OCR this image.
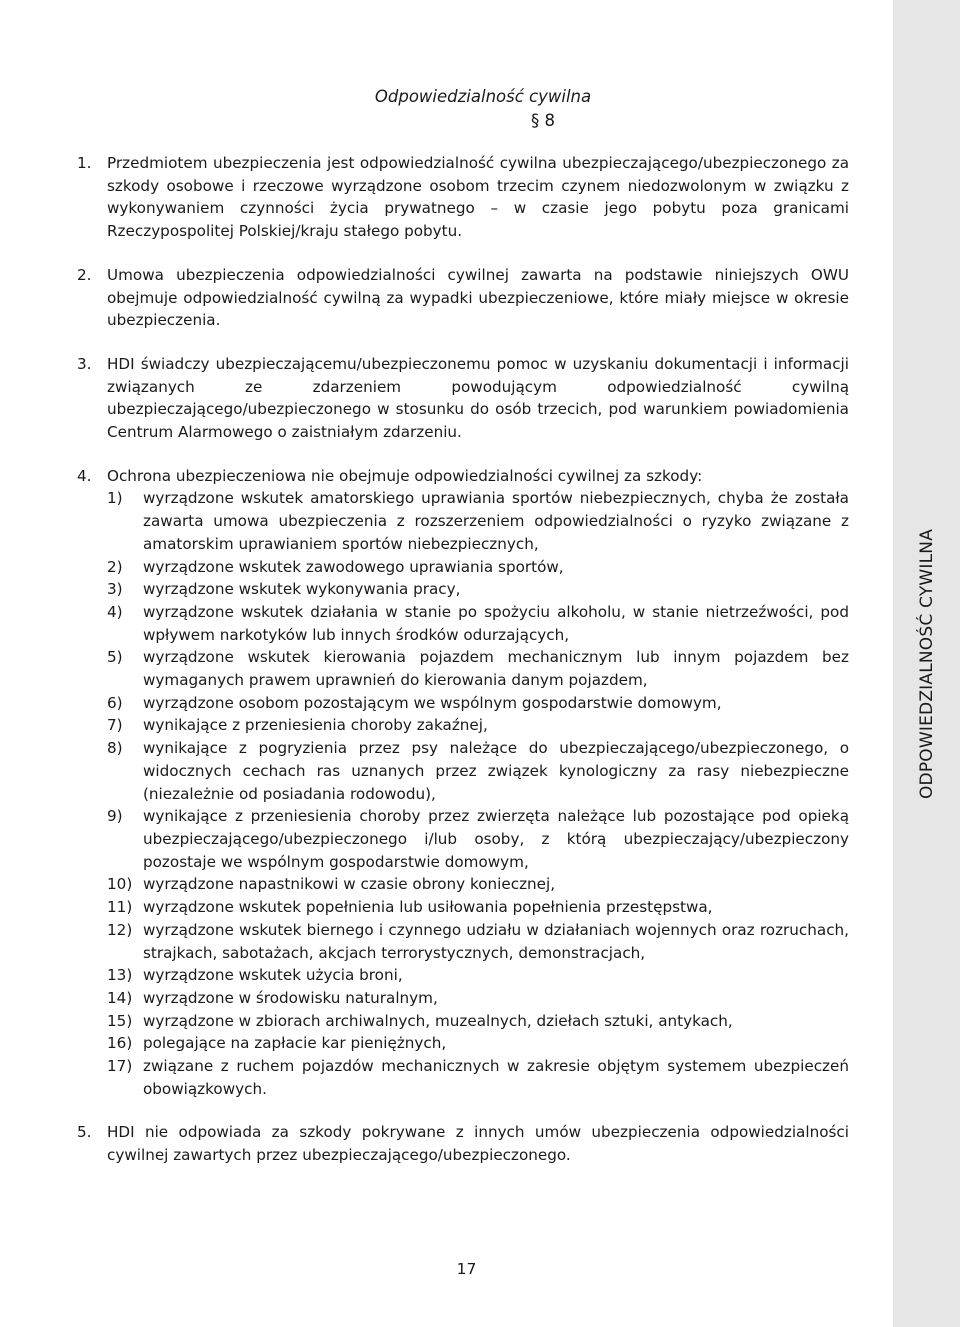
ODPOWIEDZIALNOŚĆ CYWILNA
Odpowiedzialność cywilna
§ 8
1.	Przedmiotem ubezpieczenia jest odpowiedzialność cywilna ubezpieczającego/ubezpieczonego za szkody osobowe i rzeczowe wyrządzone osobom trzecim czynem niedozwolonym w związku z wykonywaniem czynności życia prywatnego – w czasie jego pobytu poza granicami Rzeczypospolitej Polskiej/kraju stałego pobytu.
2.	Umowa ubezpieczenia odpowiedzialności cywilnej zawarta na podstawie niniejszych OWU obejmuje odpowiedzialność cywilną za wypadki ubezpieczeniowe, które miały miejsce w okresie ubezpieczenia.
3.	HDI świadczy ubezpieczającemu/ubezpieczonemu pomoc w uzyskaniu dokumentacji i informacji związanych ze zdarzeniem powodującym odpowiedzialność cywilną ubezpieczającego/ubezpieczonego w stosunku do osób trzecich, pod warunkiem powiadomienia Centrum Alarmowego o zaistniałym zdarzeniu.
4.	Ochrona ubezpieczeniowa nie obejmuje odpowiedzialności cywilnej za szkody:
1)	wyrządzone wskutek amatorskiego uprawiania sportów niebezpiecznych, chyba że została zawarta umowa ubezpieczenia z rozszerzeniem odpowiedzialności o ryzyko związane z amatorskim uprawianiem sportów niebezpiecznych,
2)	wyrządzone wskutek zawodowego uprawiania sportów,
3)	wyrządzone wskutek wykonywania pracy,
4)	wyrządzone wskutek działania w stanie po spożyciu alkoholu, w stanie nietrzeźwości, pod wpływem narkotyków lub innych środków odurzających,
5)	wyrządzone wskutek kierowania pojazdem mechanicznym lub innym pojazdem bez wymaganych prawem uprawnień do kierowania danym pojazdem,
6)	wyrządzone osobom pozostającym we wspólnym gospodarstwie domowym,
7)	wynikające z przeniesienia choroby zakaźnej,
8)	wynikające z pogryzienia przez psy należące do ubezpieczającego/ubezpieczonego, o widocznych cechach ras uznanych przez związek kynologiczny za rasy niebezpieczne (niezależnie od posiadania rodowodu),
9)	wynikające z przeniesienia choroby przez zwierzęta należące lub pozostające pod opieką ubezpieczającego/ubezpieczonego i/lub osoby, z którą ubezpieczający/ubezpieczony pozostaje we wspólnym gospodarstwie domowym,
10) wyrządzone napastnikowi w czasie obrony koniecznej,
11) wyrządzone wskutek popełnienia lub usiłowania popełnienia przestępstwa,
12) wyrządzone wskutek biernego i czynnego udziału w działaniach wojennych oraz rozruchach, strajkach, sabotażach, akcjach terrorystycznych, demonstracjach,
13) wyrządzone wskutek użycia broni,
14) wyrządzone w środowisku naturalnym,
15) wyrządzone w zbiorach archiwalnych, muzealnych, dziełach sztuki, antykach,
16) polegające na zapłacie kar pieniężnych,
17) związane z ruchem pojazdów mechanicznych w zakresie objętym systemem ubezpieczeń obowiązkowych.
5.	HDI nie odpowiada za szkody pokrywane z innych umów ubezpieczenia odpowiedzialności cywilnej zawartych przez ubezpieczającego/ubezpieczonego.
17
